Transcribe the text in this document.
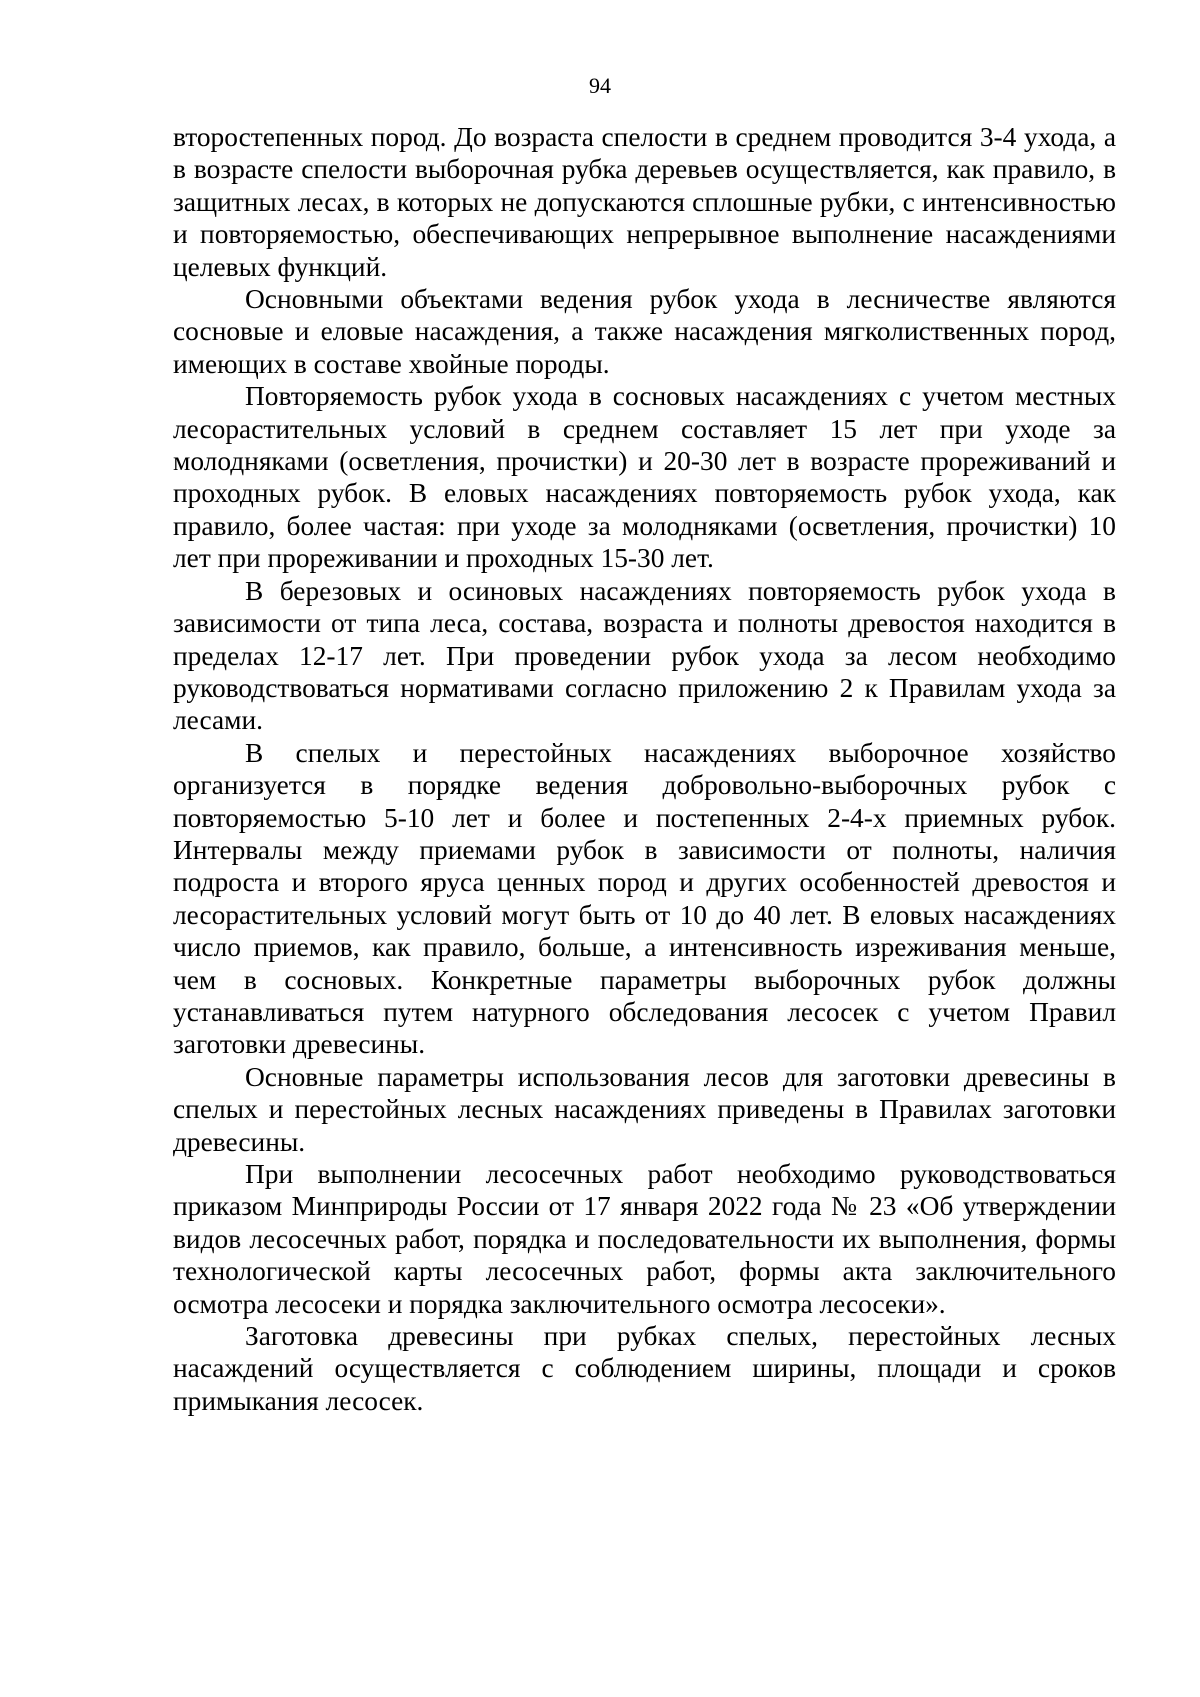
94

второстепенных пород. До возраста спелости в среднем проводится 3-4 ухода, а в возрасте спелости выборочная рубка деревьев осуществляется, как правило, в защитных лесах, в которых не допускаются сплошные рубки, с интенсивностью и повторяемостью, обеспечивающих непрерывное выполнение насаждениями целевых функций.

Основными объектами ведения рубок ухода в лесничестве являются сосновые и еловые насаждения, а также насаждения мягколиственных пород, имеющих в составе хвойные породы.

Повторяемость рубок ухода в сосновых насаждениях с учетом местных лесорастительных условий в среднем составляет 15 лет при уходе за молодняками (осветления, прочистки) и 20-30 лет в возрасте прореживаний и проходных рубок. В еловых насаждениях повторяемость рубок ухода, как правило, более частая: при уходе за молодняками (осветления, прочистки) 10 лет при прореживании и проходных 15-30 лет.

В березовых и осиновых насаждениях повторяемость рубок ухода в зависимости от типа леса, состава, возраста и полноты древостоя находится в пределах 12-17 лет. При проведении рубок ухода за лесом необходимо руководствоваться нормативами согласно приложению 2 к Правилам ухода за лесами.

В спелых и перестойных насаждениях выборочное хозяйство организуется в порядке ведения добровольно-выборочных рубок с повторяемостью 5-10 лет и более и постепенных 2-4-х приемных рубок. Интервалы между приемами рубок в зависимости от полноты, наличия подроста и второго яруса ценных пород и других особенностей древостоя и лесорастительных условий могут быть от 10 до 40 лет. В еловых насаждениях число приемов, как правило, больше, а интенсивность изреживания меньше, чем в сосновых. Конкретные параметры выборочных рубок должны устанавливаться путем натурного обследования лесосек с учетом Правил заготовки древесины.

Основные параметры использования лесов для заготовки древесины в спелых и перестойных лесных насаждениях приведены в Правилах заготовки древесины.

При выполнении лесосечных работ необходимо руководствоваться приказом Минприроды России от 17 января 2022 года № 23 «Об утверждении видов лесосечных работ, порядка и последовательности их выполнения, формы технологической карты лесосечных работ, формы акта заключительного осмотра лесосеки и порядка заключительного осмотра лесосеки».

Заготовка древесины при рубках спелых, перестойных лесных насаждений осуществляется с соблюдением ширины, площади и сроков примыкания лесосек.
